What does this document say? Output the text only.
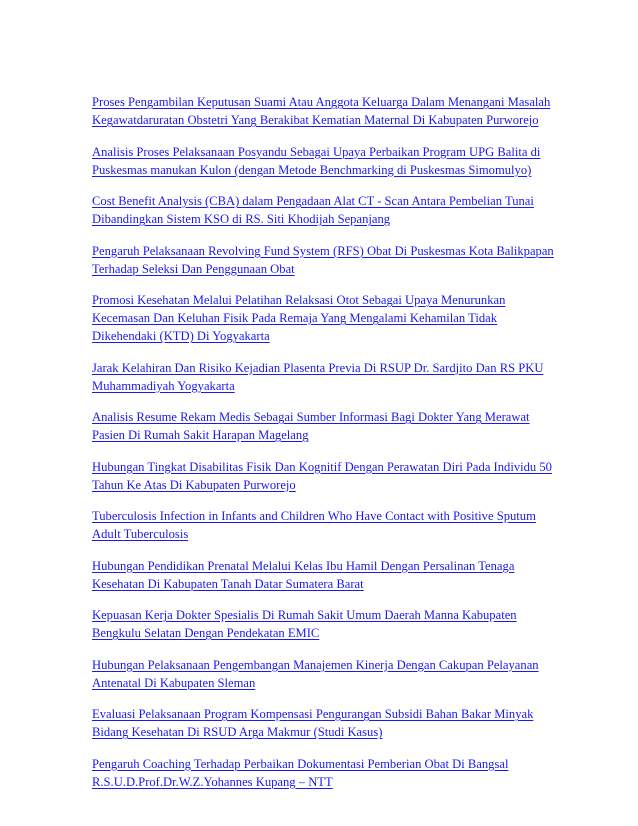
Proses Pengambilan Keputusan Suami Atau Anggota Keluarga Dalam Menangani Masalah Kegawatdaruratan Obstetri Yang Berakibat Kematian Maternal Di Kabupaten Purworejo
Analisis Proses Pelaksanaan Posyandu Sebagai Upaya Perbaikan Program UPG Balita di Puskesmas manukan Kulon (dengan Metode Benchmarking di Puskesmas Simomulyo)
Cost Benefit Analysis (CBA) dalam Pengadaan Alat CT - Scan Antara Pembelian Tunai Dibandingkan Sistem KSO di RS. Siti Khodijah Sepanjang
Pengaruh Pelaksanaan Revolving Fund System (RFS) Obat Di Puskesmas Kota Balikpapan Terhadap Seleksi Dan Penggunaan Obat
Promosi Kesehatan Melalui Pelatihan Relaksasi Otot Sebagai Upaya Menurunkan Kecemasan Dan Keluhan Fisik Pada Remaja Yang Mengalami Kehamilan Tidak Dikehendaki (KTD) Di Yogyakarta
Jarak Kelahiran Dan Risiko Kejadian Plasenta Previa Di RSUP Dr. Sardjito Dan RS PKU Muhammadiyah Yogyakarta
Analisis Resume Rekam Medis Sebagai Sumber Informasi Bagi Dokter Yang Merawat Pasien Di Rumah Sakit Harapan Magelang
Hubungan Tingkat Disabilitas Fisik Dan Kognitif Dengan Perawatan Diri Pada Individu 50 Tahun Ke Atas Di Kabupaten Purworejo
Tuberculosis Infection in Infants and Children Who Have Contact with Positive Sputum Adult Tuberculosis
Hubungan Pendidikan Prenatal Melalui Kelas Ibu Hamil Dengan Persalinan Tenaga Kesehatan Di Kabupaten Tanah Datar Sumatera Barat
Kepuasan Kerja Dokter Spesialis Di Rumah Sakit Umum Daerah Manna Kabupaten Bengkulu Selatan Dengan Pendekatan EMIC
Hubungan Pelaksanaan Pengembangan Manajemen Kinerja Dengan Cakupan Pelayanan Antenatal Di Kabupaten Sleman
Evaluasi Pelaksanaan Program Kompensasi Pengurangan Subsidi Bahan Bakar Minyak Bidang Kesehatan Di RSUD Arga Makmur (Studi Kasus)
Pengaruh Coaching Terhadap Perbaikan Dokumentasi Pemberian Obat Di Bangsal R.S.U.D.Prof.Dr.W.Z.Yohannes Kupang – NTT
